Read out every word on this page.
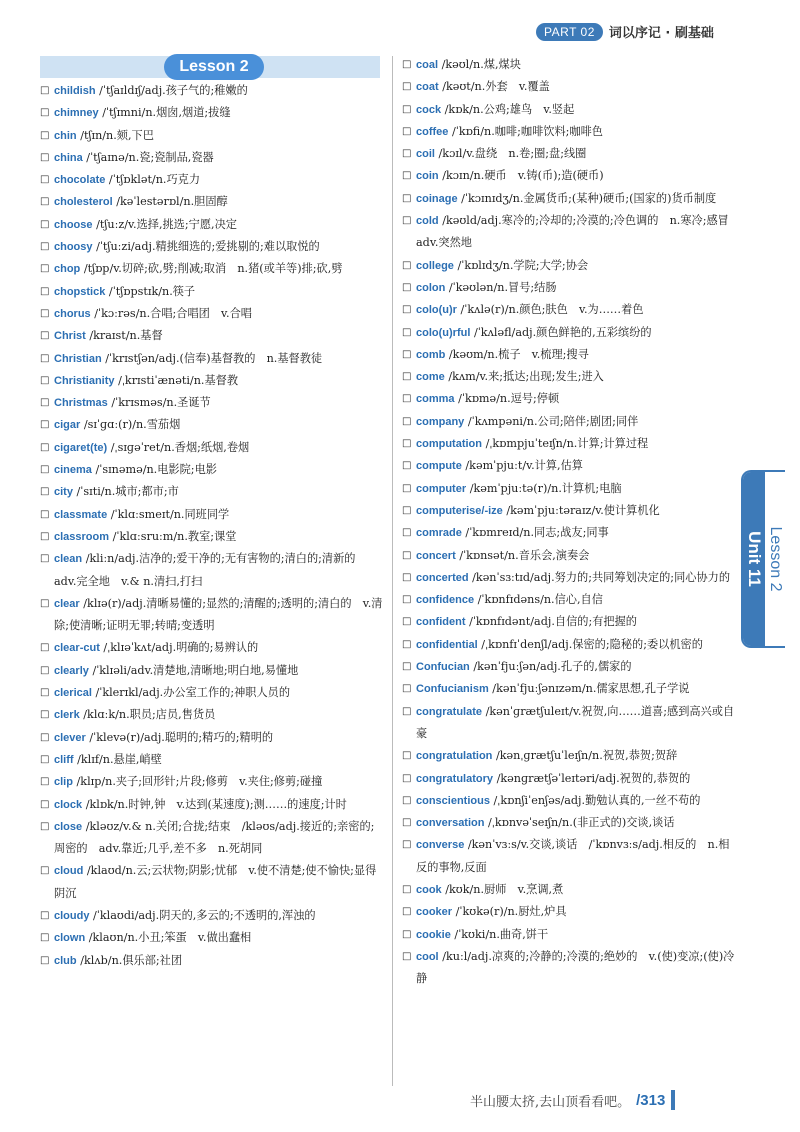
PART 02	词以序记 · 刷基础
Lesson 2
□ childish /ˈtʃaɪldɪʃ/adj.孩子气的;稚嫩的
□ chimney /ˈtʃɪmni/n.烟囱,烟道;拔缝
□ chin /tʃɪn/n.颏,下巴
□ china /ˈtʃaɪnə/n.瓷;瓷制品,瓷器
□ chocolate /ˈtʃɒklət/n.巧克力
□ cholesterol /kəˈlestərɒl/n.胆固醇
□ choose /tʃuːz/v.选择,挑选;宁愿,决定
□ choosy /ˈtʃuːzi/adj.精挑细选的;爱挑剔的;难以取悦的
□ chop /tʃɒp/v.切碎;砍,劈;削减;取消　n.猪(或羊等)排;砍,劈
□ chopstick /ˈtʃɒpstɪk/n.筷子
□ chorus /ˈkɔːrəs/n.合唱;合唱团　v.合唱
□ Christ /kraɪst/n.基督
□ Christian /ˈkrɪstʃən/adj.(信奉)基督教的　n.基督教徒
□ Christianity /ˌkrɪstiˈænəti/n.基督教
□ Christmas /ˈkrɪsməs/n.圣诞节
□ cigar /sɪˈɡɑː(r)/n.雪茄烟
□ cigaret(te) /ˌsɪɡəˈret/n.香烟;纸烟,卷烟
□ cinema /ˈsɪnəmə/n.电影院;电影
□ city /ˈsɪti/n.城市;都市;市
□ classmate /ˈklɑːsmeɪt/n.同班同学
□ classroom /ˈklɑːsruːm/n.教室;课堂
□ clean /kliːn/adj.洁净的;爱干净的;无有害物的;清白的;清新的　adv.完全地　v.& n.清扫,打扫
□ clear /klɪə(r)/adj.清晰易懂的;显然的;清醒的;透明的;清白的　v.清除;使清晰;证明无罪;转晴;变透明
□ clear-cut /ˌklɪəˈkʌt/adj.明确的;易辨认的
□ clearly /ˈklɪəli/adv.清楚地,清晰地;明白地,易懂地
□ clerical /ˈklerɪkl/adj.办公室工作的;神职人员的
□ clerk /klɑːk/n.职员;店员,售货员
□ clever /ˈklevə(r)/adj.聪明的;精巧的;精明的
□ cliff /klɪf/n.悬崖,峭壁
□ clip /klɪp/n.夹子;回形针;片段;修剪　v.夹住;修剪;碰撞
□ clock /klɒk/n.时钟,钟　v.达到(某速度);测……的速度;计时
□ close /kləʊz/v.& n.关闭;合拢;结束　/kləʊs/adj.接近的;亲密的;周密的　adv.靠近;几乎,差不多　n.死胡同
□ cloud /klaʊd/n.云;云状物;阴影;忧郁　v.使不清楚;使不愉快;显得阴沉
□ cloudy /ˈklaʊdi/adj.阴天的,多云的;不透明的,浑浊的
□ clown /klaʊn/n.小丑;笨蛋　v.做出蠢相
□ club /klʌb/n.俱乐部;社团
□ coal /kəʊl/n.煤,煤块
□ coat /kəʊt/n.外套　v.覆盖
□ cock /kɒk/n.公鸡;雄鸟　v.竖起
□ coffee /ˈkɒfi/n.咖啡;咖啡饮料;咖啡色
□ coil /kɔɪl/v.盘绕　n.卷;圈;盘;线圈
□ coin /kɔɪn/n.硬币　v.铸(币);造(硬币)
□ coinage /ˈkɔɪnɪdʒ/n.金属货币;(某种)硬币;(国家的)货币制度
□ cold /kəʊld/adj.寒冷的;冷却的;冷漠的;冷色调的　n.寒冷;感冒　adv.突然地
□ college /ˈkɒlɪdʒ/n.学院;大学;协会
□ colon /ˈkəʊlən/n.冒号;结肠
□ colo(u)r /ˈkʌlə(r)/n.颜色;肤色　v.为……着色
□ colo(u)rful /ˈkʌləfl/adj.颜色鲜艳的,五彩缤纷的
□ comb /kəʊm/n.梳子　v.梳理;搜寻
□ come /kʌm/v.来;抵达;出现;发生;进入
□ comma /ˈkɒmə/n.逗号;停顿
□ company /ˈkʌmpəni/n.公司;陪伴;剧团;同伴
□ computation /ˌkɒmpjuˈteɪʃn/n.计算;计算过程
□ compute /kəmˈpjuːt/v.计算,估算
□ computer /kəmˈpjuːtə(r)/n.计算机;电脑
□ computerise/-ize /kəmˈpjuːtəraɪz/v.使计算机化
□ comrade /ˈkɒmreɪd/n.同志;战友;同事
□ concert /ˈkɒnsət/n.音乐会,演奏会
□ concerted /kənˈsɜːtɪd/adj.努力的;共同筹划决定的;同心协力的
□ confidence /ˈkɒnfɪdəns/n.信心,自信
□ confident /ˈkɒnfɪdənt/adj.自信的;有把握的
□ confidential /ˌkɒnfɪˈdenʃl/adj.保密的;隐秘的;委以机密的
□ Confucian /kənˈfjuːʃən/adj.孔子的,儒家的
□ Confucianism /kənˈfjuːʃənɪzəm/n.儒家思想,孔子学说
□ congratulate /kənˈɡrætʃuleɪt/v.祝贺,向……道喜;感到高兴或自豪
□ congratulation /kənˌɡrætʃuˈleɪʃn/n.祝贺,恭贺;贺辞
□ congratulatory /kənɡrætʃəˈleɪtəri/adj.祝贺的,恭贺的
□ conscientious /ˌkɒnʃiˈenʃəs/adj.勤勉认真的,一丝不苟的
□ conversation /ˌkɒnvəˈseɪʃn/n.(非正式的)交谈,谈话
□ converse /kənˈvɜːs/v.交谈,谈话　/ˈkɒnvɜːs/adj.相反的　n.相反的事物,反面
□ cook /kʊk/n.厨师　v.烹调,煮
□ cooker /ˈkʊkə(r)/n.厨灶,炉具
□ cookie /ˈkʊki/n.曲奇,饼干
□ cool /kuːl/adj.凉爽的;冷静的;冷漠的;绝妙的　v.(使)变凉;(使)冷静
Unit 11 Lesson 2
半山腰太挤,去山顶看看吧。 /313
